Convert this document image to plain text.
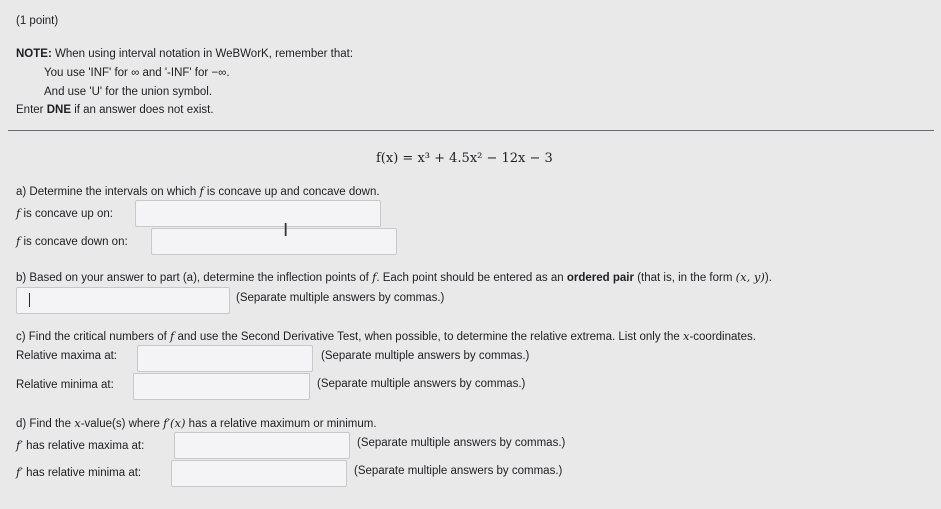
(1 point)
NOTE: When using interval notation in WeBWorK, remember that:
You use 'INF' for ∞ and '-INF' for −∞.
And use 'U' for the union symbol.
Enter DNE if an answer does not exist.
f(x) = x³ + 4.5x² − 12x − 3
a) Determine the intervals on which f is concave up and concave down.
f is concave up on:
f is concave down on:
I
b) Based on your answer to part (a), determine the inflection points of f. Each point should be entered as an ordered pair (that is, in the form (x, y)).
(Separate multiple answers by commas.)
c) Find the critical numbers of f and use the Second Derivative Test, when possible, to determine the relative extrema. List only the x-coordinates.
Relative maxima at:	(Separate multiple answers by commas.)
Relative minima at:	(Separate multiple answers by commas.)
d) Find the x-value(s) where f′(x) has a relative maximum or minimum.
f′ has relative maxima at:	(Separate multiple answers by commas.)
f′ has relative minima at:	(Separate multiple answers by commas.)
